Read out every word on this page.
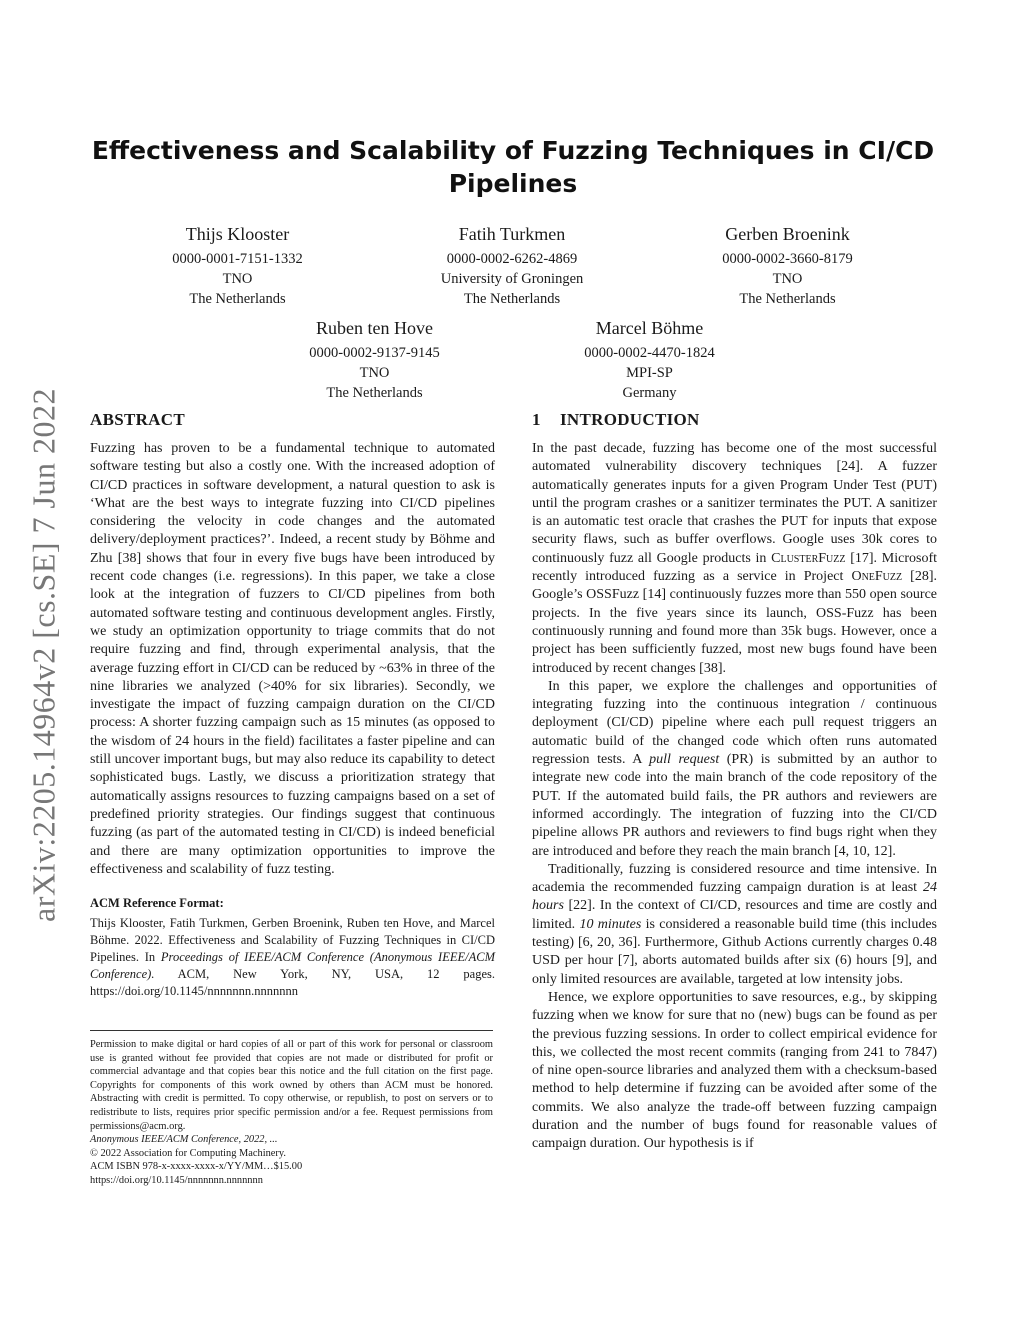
arXiv:2205.14964v2 [cs.SE] 7 Jun 2022
Effectiveness and Scalability of Fuzzing Techniques in CI/CD Pipelines
Thijs Klooster
0000-0001-7151-1332
TNO
The Netherlands
Fatih Turkmen
0000-0002-6262-4869
University of Groningen
The Netherlands
Gerben Broenink
0000-0002-3660-8179
TNO
The Netherlands
Ruben ten Hove
0000-0002-9137-9145
TNO
The Netherlands
Marcel Böhme
0000-0002-4470-1824
MPI-SP
Germany
ABSTRACT

Fuzzing has proven to be a fundamental technique to automated software testing but also a costly one. With the increased adoption of CI/CD practices in software development, a natural question to ask is ‘What are the best ways to integrate fuzzing into CI/CD pipelines considering the velocity in code changes and the automated delivery/deployment practices?’. Indeed, a recent study by Böhme and Zhu [38] shows that four in every five bugs have been introduced by recent code changes (i.e. regressions). In this paper, we take a close look at the integration of fuzzers to CI/CD pipelines from both automated software testing and continuous development angles. Firstly, we study an optimization opportunity to triage commits that do not require fuzzing and find, through experimental analysis, that the average fuzzing effort in CI/CD can be reduced by ~63% in three of the nine libraries we analyzed (>40% for six libraries). Secondly, we investigate the impact of fuzzing campaign duration on the CI/CD process: A shorter fuzzing campaign such as 15 minutes (as opposed to the wisdom of 24 hours in the field) facilitates a faster pipeline and can still uncover important bugs, but may also reduce its capability to detect sophisticated bugs. Lastly, we discuss a prioritization strategy that automatically assigns resources to fuzzing campaigns based on a set of predefined priority strategies. Our findings suggest that continuous fuzzing (as part of the automated testing in CI/CD) is indeed beneficial and there are many optimization opportunities to improve the effectiveness and scalability of fuzz testing.

ACM Reference Format:

Thijs Klooster, Fatih Turkmen, Gerben Broenink, Ruben ten Hove, and Marcel Böhme. 2022. Effectiveness and Scalability of Fuzzing Techniques in CI/CD Pipelines. In Proceedings of IEEE/ACM Conference (Anonymous IEEE/ACM Conference). ACM, New York, NY, USA, 12 pages. https://doi.org/10.1145/nnnnnnn.nnnnnnn

Permission to make digital or hard copies of all or part of this work for personal or classroom use is granted without fee provided that copies are not made or distributed for profit or commercial advantage and that copies bear this notice and the full citation on the first page. Copyrights for components of this work owned by others than ACM must be honored. Abstracting with credit is permitted. To copy otherwise, or republish, to post on servers or to redistribute to lists, requires prior specific permission and/or a fee. Request permissions from permissions@acm.org.

Anonymous IEEE/ACM Conference, 2022, ...

© 2022 Association for Computing Machinery.

ACM ISBN 978-x-xxxx-xxxx-x/YY/MM…$15.00

https://doi.org/10.1145/nnnnnnn.nnnnnnn

1 INTRODUCTION

In the past decade, fuzzing has become one of the most successful automated vulnerability discovery techniques [24]. A fuzzer automatically generates inputs for a given Program Under Test (PUT) until the program crashes or a sanitizer terminates the PUT. A sanitizer is an automatic test oracle that crashes the PUT for inputs that expose security flaws, such as buffer overflows. Google uses 30k cores to continuously fuzz all Google products in ClusterFuzz [17]. Microsoft recently introduced fuzzing as a service in Project OneFuzz [28]. Google’s OSSFuzz [14] continuously fuzzes more than 550 open source projects. In the five years since its launch, OSS-Fuzz has been continuously running and found more than 35k bugs. However, once a project has been sufficiently fuzzed, most new bugs found have been introduced by recent changes [38].

In this paper, we explore the challenges and opportunities of integrating fuzzing into the continuous integration / continuous deployment (CI/CD) pipeline where each pull request triggers an automatic build of the changed code which often runs automated regression tests. A pull request (PR) is submitted by an author to integrate new code into the main branch of the code repository of the PUT. If the automated build fails, the PR authors and reviewers are informed accordingly. The integration of fuzzing into the CI/CD pipeline allows PR authors and reviewers to find bugs right when they are introduced and before they reach the main branch [4, 10, 12].

Traditionally, fuzzing is considered resource and time intensive. In academia the recommended fuzzing campaign duration is at least 24 hours [22]. In the context of CI/CD, resources and time are costly and limited. 10 minutes is considered a reasonable build time (this includes testing) [6, 20, 36]. Furthermore, Github Actions currently charges 0.48 USD per hour [7], aborts automated builds after six (6) hours [9], and only limited resources are available, targeted at low intensity jobs.

Hence, we explore opportunities to save resources, e.g., by skipping fuzzing when we know for sure that no (new) bugs can be found as per the previous fuzzing sessions. In order to collect empirical evidence for this, we collected the most recent commits (ranging from 241 to 7847) of nine open-source libraries and analyzed them with a checksum-based method to help determine if fuzzing can be avoided after some of the commits. We also analyze the trade-off between fuzzing campaign duration and the number of bugs found for reasonable values of campaign duration. Our hypothesis is if
